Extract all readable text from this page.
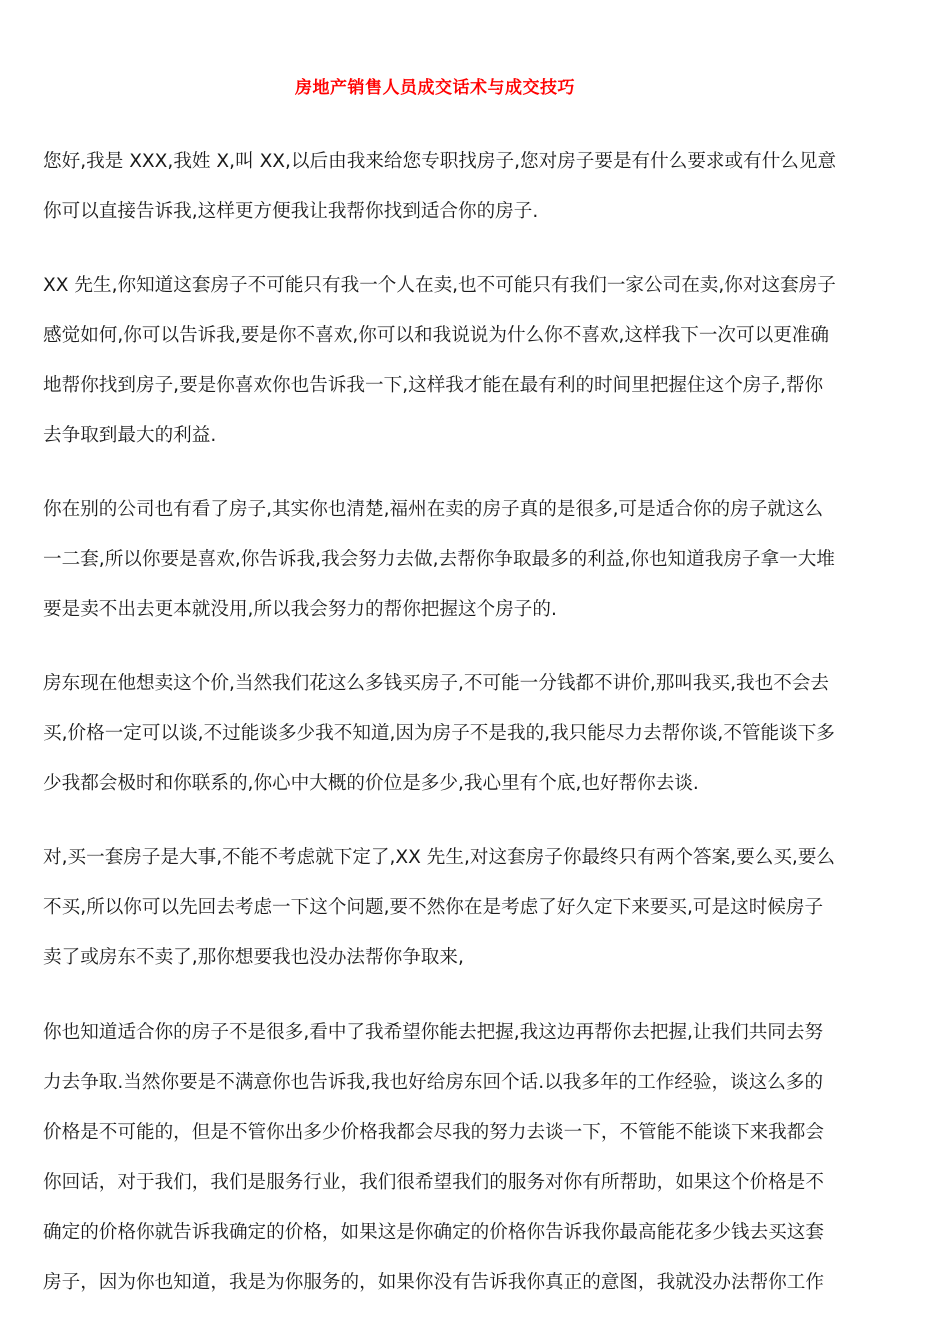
房地产销售人员成交话术与成交技巧
您好,我是 XXX,我姓 X,叫 XX,以后由我来给您专职找房子,您对房子要是有什么要求或有什么见意
你可以直接告诉我,这样更方便我让我帮你找到适合你的房子.
XX 先生,你知道这套房子不可能只有我一个人在卖,也不可能只有我们一家公司在卖,你对这套房子
感觉如何,你可以告诉我,要是你不喜欢,你可以和我说说为什么你不喜欢,这样我下一次可以更准确
地帮你找到房子,要是你喜欢你也告诉我一下,这样我才能在最有利的时间里把握住这个房子,帮你
去争取到最大的利益.
你在别的公司也有看了房子,其实你也清楚,福州在卖的房子真的是很多,可是适合你的房子就这么
一二套,所以你要是喜欢,你告诉我,我会努力去做,去帮你争取最多的利益,你也知道我房子拿一大堆
要是卖不出去更本就没用,所以我会努力的帮你把握这个房子的.
房东现在他想卖这个价,当然我们花这么多钱买房子,不可能一分钱都不讲价,那叫我买,我也不会去
买,价格一定可以谈,不过能谈多少我不知道,因为房子不是我的,我只能尽力去帮你谈,不管能谈下多
少我都会极时和你联系的,你心中大概的价位是多少,我心里有个底,也好帮你去谈.
对,买一套房子是大事,不能不考虑就下定了,XX 先生,对这套房子你最终只有两个答案,要么买,要么
不买,所以你可以先回去考虑一下这个问题,要不然你在是考虑了好久定下来要买,可是这时候房子
卖了或房东不卖了,那你想要我也没办法帮你争取来,
你也知道适合你的房子不是很多,看中了我希望你能去把握,我这边再帮你去把握,让我们共同去努
力去争取.当然你要是不满意你也告诉我,我也好给房东回个话.以我多年的工作经验，谈这么多的
价格是不可能的，但是不管你出多少价格我都会尽我的努力去谈一下，不管能不能谈下来我都会
你回话，对于我们，我们是服务行业，我们很希望我们的服务对你有所帮助，如果这个价格是不
确定的价格你就告诉我确定的价格，如果这是你确定的价格你告诉我你最高能花多少钱去买这套
房子，因为你也知道，我是为你服务的，如果你没有告诉我你真正的意图，我就没办法帮你工作
